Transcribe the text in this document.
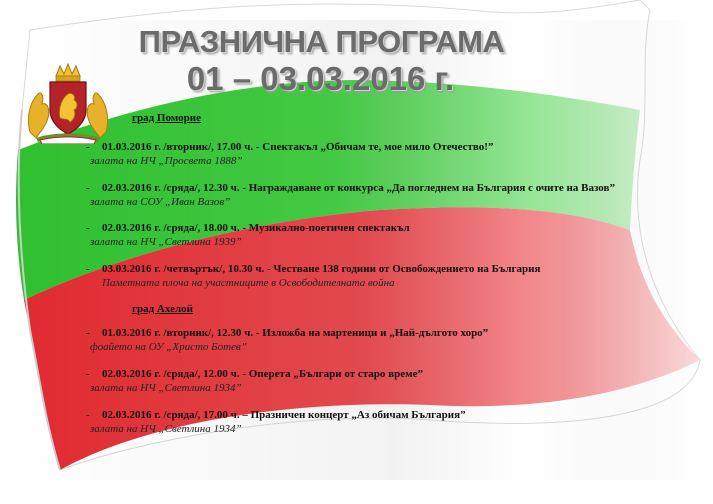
ПРАЗНИЧНА ПРОГРАМА
01 – 03.03.2016 г.
град Поморие
- 01.03.2016 г. /вторник/, 17.00 ч. - Спектакъл „Обичам те, мое мило Отечество!”
залата на НЧ „Просвета 1888”
- 02.03.2016 г. /сряда/, 12.30 ч. - Награждаване от конкурса „Да погледнем на България с очите на Вазов”
залата на СОУ „Иван Вазов”
- 02.03.2016 г. /сряда/, 18.00 ч. - Музикално-поетичен спектакъл
залата на НЧ „Светлина 1939”
- 03.03.2016 г. /четвъртък/, 10.30 ч. - Честване 138 години от Освобождението на България
Паметната плоча на участниците в Освободителната война
град Ахелой
- 01.03.2016 г. /вторник/, 12.30 ч. - Изложба на мартеници и „Най-дългото хоро”
фоайето на ОУ „Христо Ботев”
- 02.03.2016 г. /сряда/, 12.00 ч. - Оперета „Българи от старо време”
залата на НЧ „Светлина 1934”
- 02.03.2016 г. /сряда/, 17.00 ч. – Празничен концерт „Аз обичам България”
залата на НЧ „Светлина 1934”
